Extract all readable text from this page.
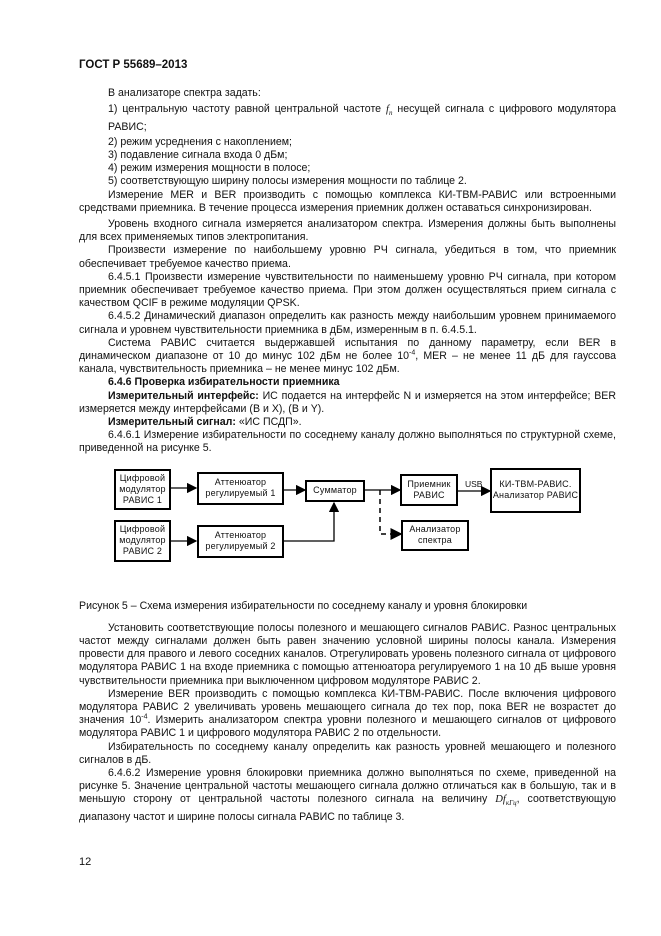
ГОСТ Р 55689–2013

В анализаторе спектра задать:

1) центральную частоту равной центральной частоте $f_n$ несущей сигнала с цифрового модулятора РАВИС;

2) режим усреднения с накоплением;

3) подавление сигнала входа 0 дБм;

4) режим измерения мощности в полосе;

5) соответствующую ширину полосы измерения мощности по таблице 2.

Измерение MER и BER производить с помощью комплекса КИ-ТВМ-РАВИС или встроенными средствами приемника. В течение процесса измерения приемник должен оставаться синхронизирован.

Уровень входного сигнала измеряется анализатором спектра. Измерения должны быть выполнены для всех применяемых типов электропитания.

Произвести измерение по наибольшему уровню РЧ сигнала, убедиться в том, что приемник обеспечивает требуемое качество приема.

6.4.5.1 Произвести измерение чувствительности по наименьшему уровню РЧ сигнала, при котором приемник обеспечивает требуемое качество приема. При этом должен осуществляться прием сигнала с качеством QCIF в режиме модуляции QPSK.

6.4.5.2 Динамический диапазон определить как разность между наибольшим уровнем принимаемого сигнала и уровнем чувствительности приемника в дБм, измеренным в п. 6.4.5.1.

Система РАВИС считается выдержавшей испытания по данному параметру, если BER в динамическом диапазоне от 10 до минус 102 дБм не более $10^{-4}$, MER – не менее 11 дБ для гауссова канала, чувствительность приемника – не менее минус 102 дБм.

6.4.6 Проверка избирательности приемника

Измерительный интерфейс: ИС подается на интерфейс N и измеряется на этом интерфейсе; BER измеряется между интерфейсами (B и X), (B и Y).

Измерительный сигнал: «ИС ПСДП».

6.4.6.1 Измерение избирательности по соседнему каналу должно выполняться по структурной схеме, приведенной на рисунке 5.

Цифровой модулятор РАВИС 1
Цифровой модулятор РАВИС 2
Аттенюатор регулируемый 1
Аттенюатор регулируемый 2
Сумматор
Приемник РАВИС
USB	КИ-ТВМ-РАВИС. Анализатор РАВИС
Анализатор спектра

Рисунок 5 – Схема измерения избирательности по соседнему каналу и уровня блокировки

Установить соответствующие полосы полезного и мешающего сигналов РАВИС. Разнос центральных частот между сигналами должен быть равен значению условной ширины полосы канала. Измерения провести для правого и левого соседних каналов. Отрегулировать уровень полезного сигнала от цифрового модулятора РАВИС 1 на входе приемника с помощью аттенюатора регулируемого 1 на 10 дБ выше уровня чувствительности приемника при выключенном цифровом модуляторе РАВИС 2.

Измерение BER производить с помощью комплекса КИ-ТВМ-РАВИС. После включения цифрового модулятора РАВИС 2 увеличивать уровень мешающего сигнала до тех пор, пока BER не возрастет до значения $10^{-4}$. Измерить анализатором спектра уровни полезного и мешающего сигналов от цифрового модулятора РАВИС 1 и цифрового модулятора РАВИС 2 по отдельности.

Избирательность по соседнему каналу определить как разность уровней мешающего и полезного сигналов в дБ.

6.4.6.2 Измерение уровня блокировки приемника должно выполняться по схеме, приведенной на рисунке 5. Значение центральной частоты мешающего сигнала должно отличаться как в большую, так и в меньшую сторону от центральной частоты полезного сигнала на величину $Df_{кГц}$, соответствующую диапазону частот и ширине полосы сигнала РАВИС по таблице 3.

12
